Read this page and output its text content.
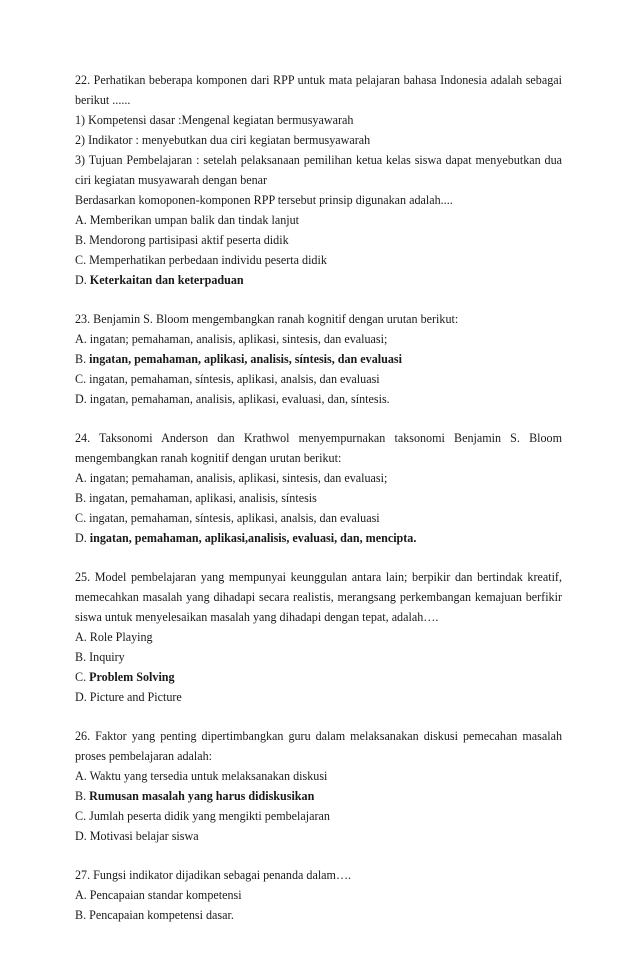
22. Perhatikan beberapa komponen dari RPP untuk mata pelajaran bahasa Indonesia adalah sebagai berikut ......
1) Kompetensi dasar :Mengenal kegiatan bermusyawarah
2) Indikator : menyebutkan dua ciri kegiatan bermusyawarah
3) Tujuan Pembelajaran : setelah pelaksanaan pemilihan ketua kelas siswa dapat menyebutkan dua ciri kegiatan musyawarah dengan benar
Berdasarkan komoponen-komponen RPP tersebut prinsip digunakan adalah....
A. Memberikan umpan balik dan tindak lanjut
B. Mendorong partisipasi aktif peserta didik
C. Memperhatikan perbedaan individu peserta didik
D. Keterkaitan dan keterpaduan
23. Benjamin S. Bloom mengembangkan ranah kognitif dengan urutan berikut:
A. ingatan; pemahaman, analisis, aplikasi, sintesis, dan evaluasi;
B. ingatan, pemahaman, aplikasi, analisis, síntesis, dan evaluasi
C. ingatan, pemahaman, síntesis, aplikasi, analsis, dan evaluasi
D. ingatan, pemahaman, analisis, aplikasi, evaluasi, dan, síntesis.
24. Taksonomi Anderson dan Krathwol menyempurnakan taksonomi Benjamin S. Bloom mengembangkan ranah kognitif dengan urutan berikut:
A. ingatan; pemahaman, analisis, aplikasi, sintesis, dan evaluasi;
B. ingatan, pemahaman, aplikasi, analisis, síntesis
C. ingatan, pemahaman, síntesis, aplikasi, analsis, dan evaluasi
D. ingatan, pemahaman, aplikasi,analisis, evaluasi, dan, mencipta.
25. Model pembelajaran yang mempunyai keunggulan antara lain; berpikir dan bertindak kreatif, memecahkan masalah yang dihadapi secara realistis, merangsang perkembangan kemajuan berfikir siswa untuk menyelesaikan masalah yang dihadapi dengan tepat, adalah….
A. Role Playing
B. Inquiry
C. Problem Solving
D. Picture and Picture
26. Faktor yang penting dipertimbangkan guru dalam melaksanakan diskusi pemecahan masalah proses pembelajaran adalah:
A. Waktu yang tersedia untuk melaksanakan diskusi
B. Rumusan masalah yang harus didiskusikan
C. Jumlah peserta didik yang mengikti pembelajaran
D. Motivasi belajar siswa
27. Fungsi indikator dijadikan sebagai penanda dalam….
A. Pencapaian standar kompetensi
B. Pencapaian kompetensi dasar.
